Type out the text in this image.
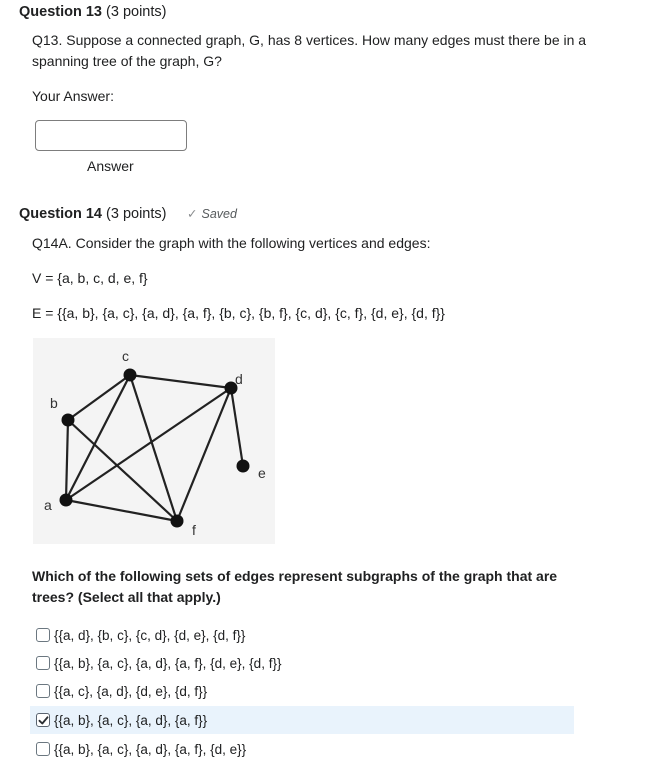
Question 13 (3 points)
Q13. Suppose a connected graph, G, has 8 vertices. How many edges must there be in a spanning tree of the graph, G?
Your Answer:
Answer
Question 14 (3 points) ✓ Saved
Q14A. Consider the graph with the following vertices and edges:
V = {a, b, c, d, e, f}
E = {{a, b}, {a, c}, {a, d}, {a, f}, {b, c}, {b, f}, {c, d}, {c, f}, {d, e}, {d, f}}
a
b
c
d
e
f
Which of the following sets of edges represent subgraphs of the graph that are trees? (Select all that apply.)
{{a, d}, {b, c}, {c, d}, {d, e}, {d, f}}
{{a, b}, {a, c}, {a, d}, {a, f}, {d, e}, {d, f}}
{{a, c}, {a, d}, {d, e}, {d, f}}
{{a, b}, {a, c}, {a, d}, {a, f}}
{{a, b}, {a, c}, {a, d}, {a, f}, {d, e}}
